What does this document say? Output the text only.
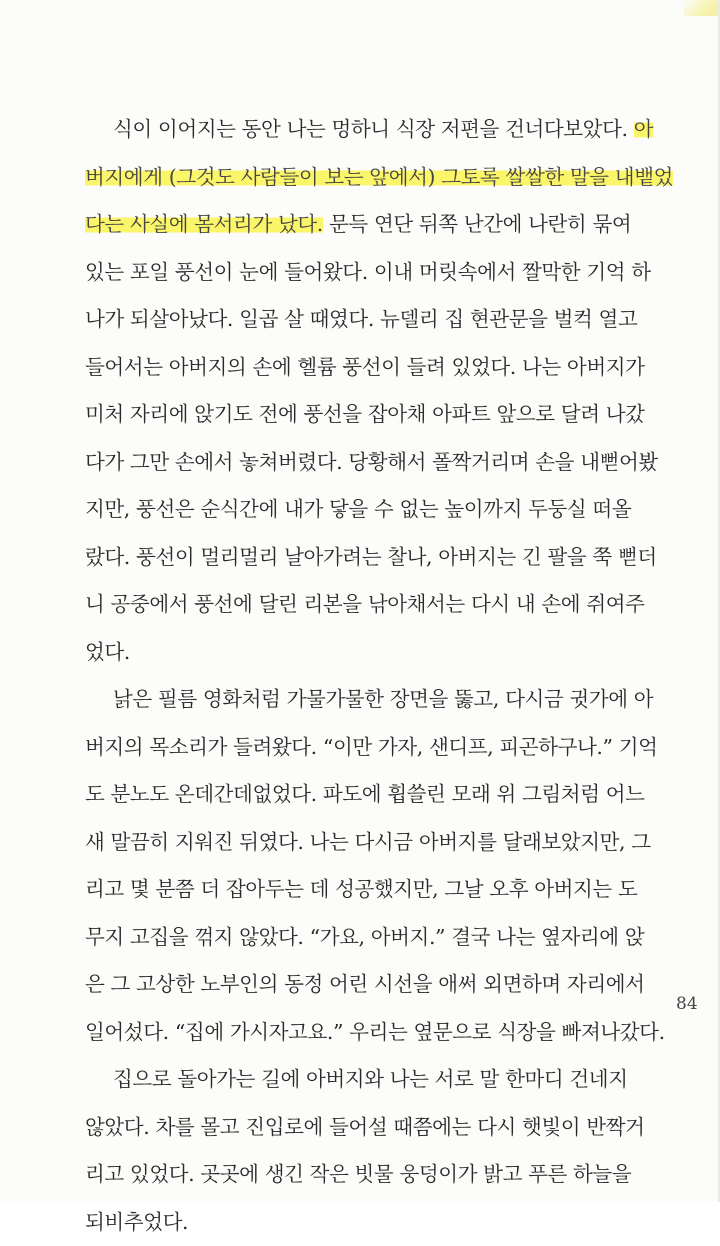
식이 이어지는 동안 나는 멍하니 식장 저편을 건너다보았다. 아
버지에게 (그것도 사람들이 보는 앞에서) 그토록 쌀쌀한 말을 내뱉었
다는 사실에 몸서리가 났다. 문득 연단 뒤쪽 난간에 나란히 묶여
있는 포일 풍선이 눈에 들어왔다. 이내 머릿속에서 짤막한 기억 하
나가 되살아났다. 일곱 살 때였다. 뉴델리 집 현관문을 벌컥 열고
들어서는 아버지의 손에 헬륨 풍선이 들려 있었다. 나는 아버지가
미처 자리에 앉기도 전에 풍선을 잡아채 아파트 앞으로 달려 나갔
다가 그만 손에서 놓쳐버렸다. 당황해서 폴짝거리며 손을 내뻗어봤
지만, 풍선은 순식간에 내가 닿을 수 없는 높이까지 두둥실 떠올
랐다. 풍선이 멀리멀리 날아가려는 찰나, 아버지는 긴 팔을 쭉 뻗더
니 공중에서 풍선에 달린 리본을 낚아채서는 다시 내 손에 쥐여주
었다.
낡은 필름 영화처럼 가물가물한 장면을 뚫고, 다시금 귓가에 아
버지의 목소리가 들려왔다. “이만 가자, 샌디프, 피곤하구나.” 기억
도 분노도 온데간데없었다. 파도에 휩쓸린 모래 위 그림처럼 어느
새 말끔히 지워진 뒤였다. 나는 다시금 아버지를 달래보았지만, 그
리고 몇 분쯤 더 잡아두는 데 성공했지만, 그날 오후 아버지는 도
무지 고집을 꺾지 않았다. “가요, 아버지.” 결국 나는 옆자리에 앉
은 그 고상한 노부인의 동정 어린 시선을 애써 외면하며 자리에서
일어섰다. “집에 가시자고요.” 우리는 옆문으로 식장을 빠져나갔다.
집으로 돌아가는 길에 아버지와 나는 서로 말 한마디 건네지
않았다. 차를 몰고 진입로에 들어설 때쯤에는 다시 햇빛이 반짝거
리고 있었다. 곳곳에 생긴 작은 빗물 웅덩이가 밝고 푸른 하늘을
되비추었다.
84
